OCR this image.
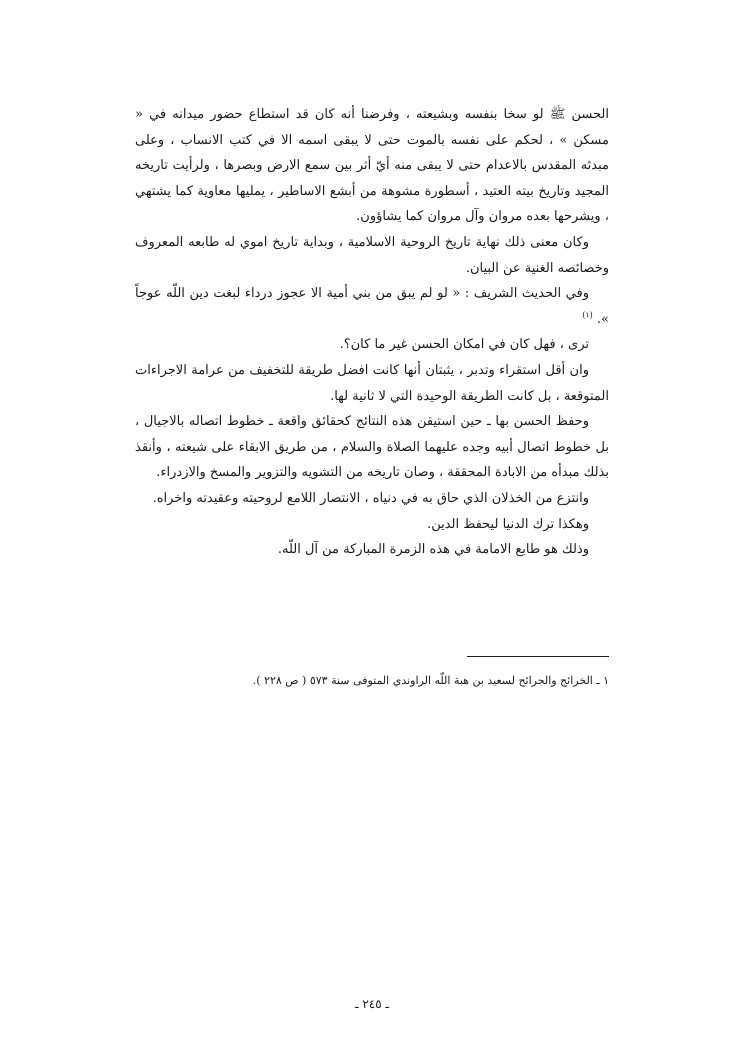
الحسن ﷺ لو سخا بنفسه وبشيعته ، وفرضنا أنه كان قد استطاع حضور ميدانه في « مسكن » ، لحكم على نفسه بالموت حتى لا يبقى اسمه الا في كتب الانساب ، وعلى مبدئه المقدس بالاعدام حتى لا يبقى منه أيّ أثر بين سمع الارض وبصرها ، ولرأيت تاريخه المجيد وتاريخ بيته العتيد ، أسطورة مشوهة من أبشع الاساطير ، يمليها معاوية كما يشتهي ، ويشرحها بعده مروان وآل مروان كما يشاؤون.

وكان معنى ذلك نهاية تاريخ الروحية الاسلامية ، وبداية تاريخ اموي له طابعه المعروف وخصائصه الغنية عن البيان.

وفي الحديث الشريف : « لو لم يبق من بني أمية الا عجوز درداء لبغت دين اللّه عوجاً ». $^{(١)}$

ترى ، فهل كان في امكان الحسن غير ما كان؟.

وان أقل استقراء وتدبر ، يثبتان أنها كانت افضل طريقة للتخفيف من عرامة الاجراءات المتوقعة ، بل كانت الطريقة الوحيدة التي لا ثانية لها.

وحفظ الحسن بها ـ حين استيقن هذه النتائج كحقائق واقعة ـ خطوط اتصاله بالاجيال ، بل خطوط اتصال أبيه وجده عليهما الصلاة والسلام ، من طريق الابقاء على شيعته ، وأنقذ بذلك مبدأه من الابادة المحققة ، وصان تاريخه من التشويه والتزوير والمسخ والازدراء.

وانتزع من الخذلان الذي حاق به في دنياه ، الانتصار اللامع لروحيته وعقيدته واخراه.

وهكذا ترك الدنيا ليحفظ الدين.

وذلك هو طابع الامامة في هذه الزمرة المباركة من آل اللّه.

١ ـ الخرائج والجرائح لسعيد بن هبة اللّه الراوندي المتوفى سنة ٥٧٣ ( ص ٢٢٨ ).
ـ ٢٤٥ ـ
